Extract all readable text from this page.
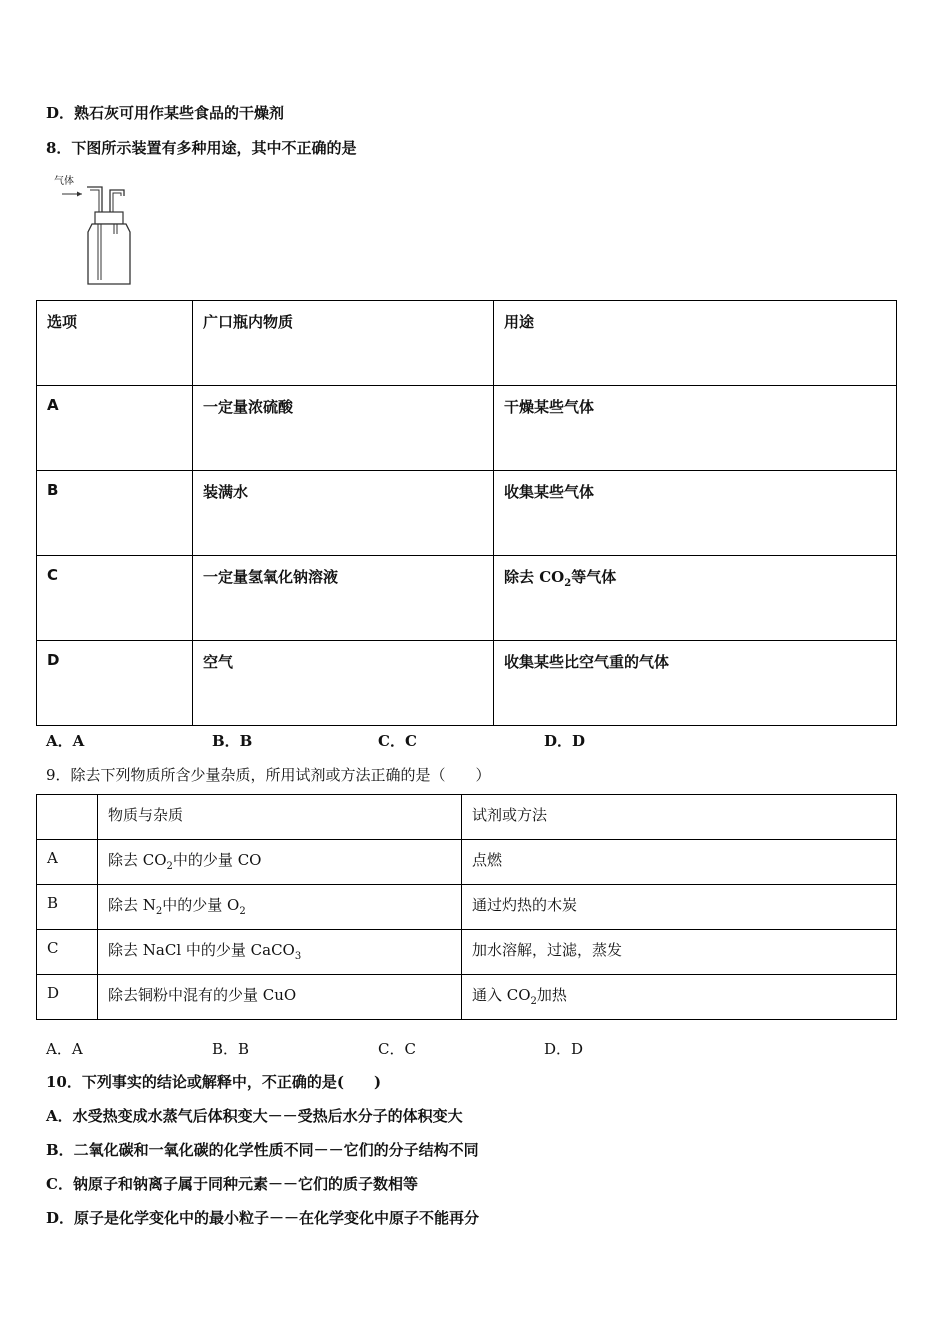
D．熟石灰可用作某些食品的干燥剂
8．下图所示装置有多种用途，其中不正确的是
气体
选项	广口瓶内物质	用途
A	一定量浓硫酸	干燥某些气体
B	装满水	收集某些气体
C	一定量氢氧化钠溶液	除去 $CO_2$等气体
D	空气	收集某些比空气重的气体
A．A	B．B	C．C	D．D
9．除去下列物质所含少量杂质，所用试剂或方法正确的是（　　）
	物质与杂质	试剂或方法
A	除去 $CO_2$中的少量 CO	点燃
B	除去 $N_2$中的少量 $O_2$	通过灼热的木炭
C	除去 NaCl 中的少量 CaCO$_3$	加水溶解，过滤，蒸发
D	除去铜粉中混有的少量 CuO	通入 $CO_2$加热
A．A	B．B	C．C	D．D
10．下列事实的结论或解释中，不正确的是(　　)
A．水受热变成水蒸气后体积变大－－受热后水分子的体积变大
B．二氧化碳和一氧化碳的化学性质不同－－它们的分子结构不同
C．钠原子和钠离子属于同种元素－－它们的质子数相等
D．原子是化学变化中的最小粒子－－在化学变化中原子不能再分
